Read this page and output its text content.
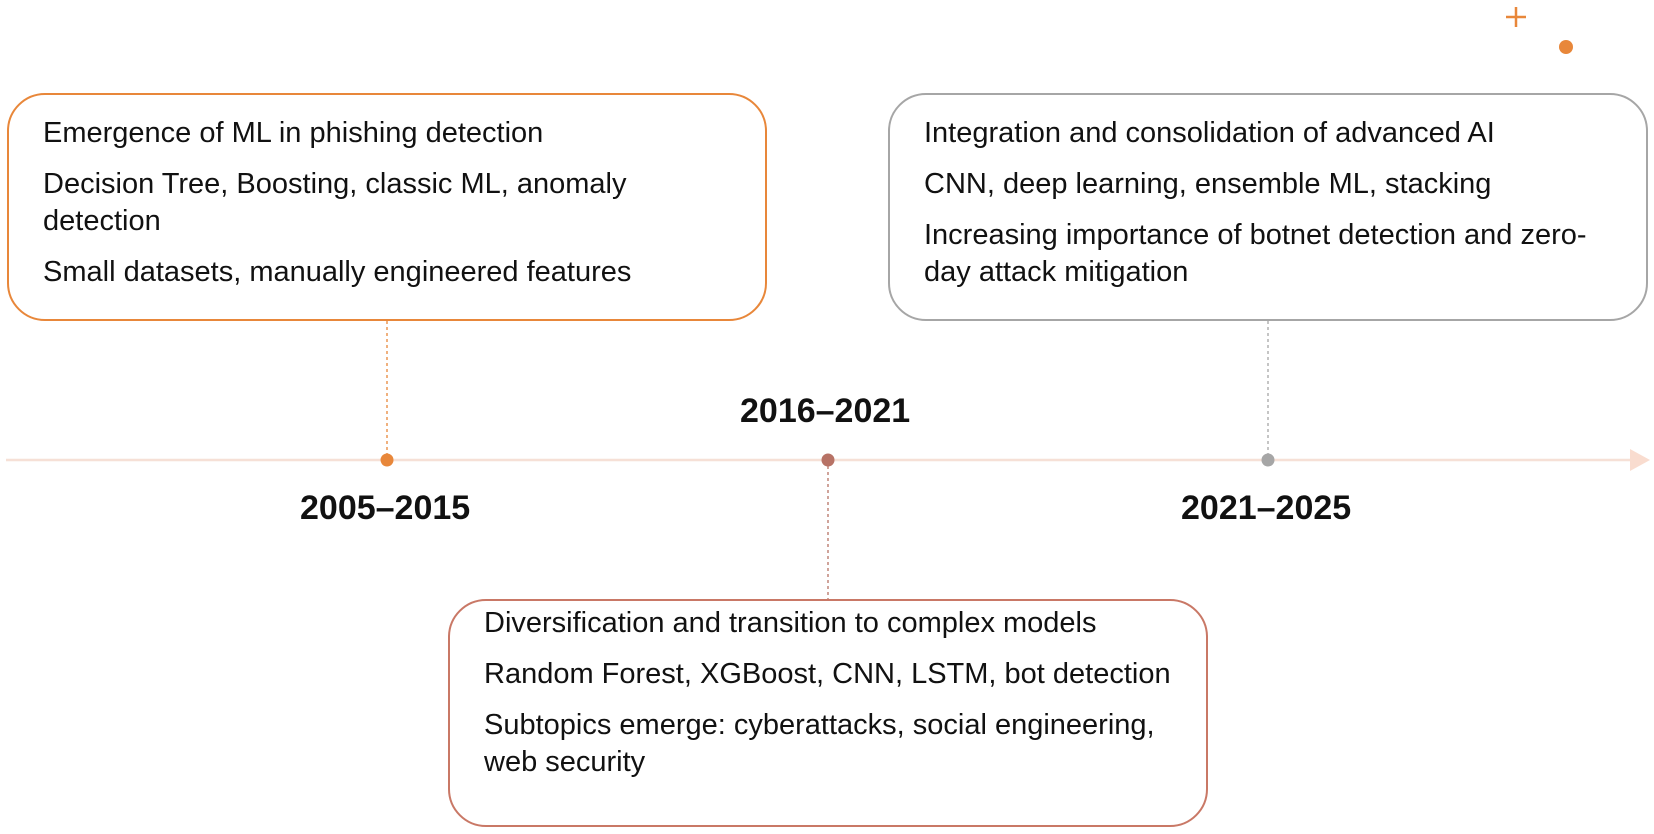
2005–2015
2016–2021
2021–2025

Emergence of ML in phishing detection

Decision Tree, Boosting, classic ML, anomaly detection

Small datasets, manually engineered features

Integration and consolidation of advanced AI

CNN, deep learning, ensemble ML, stacking

Increasing importance of botnet detection and zero-day attack mitigation

Diversification and transition to complex models

Random Forest, XGBoost, CNN, LSTM, bot detection

Subtopics emerge: cyberattacks, social engineering, web security
